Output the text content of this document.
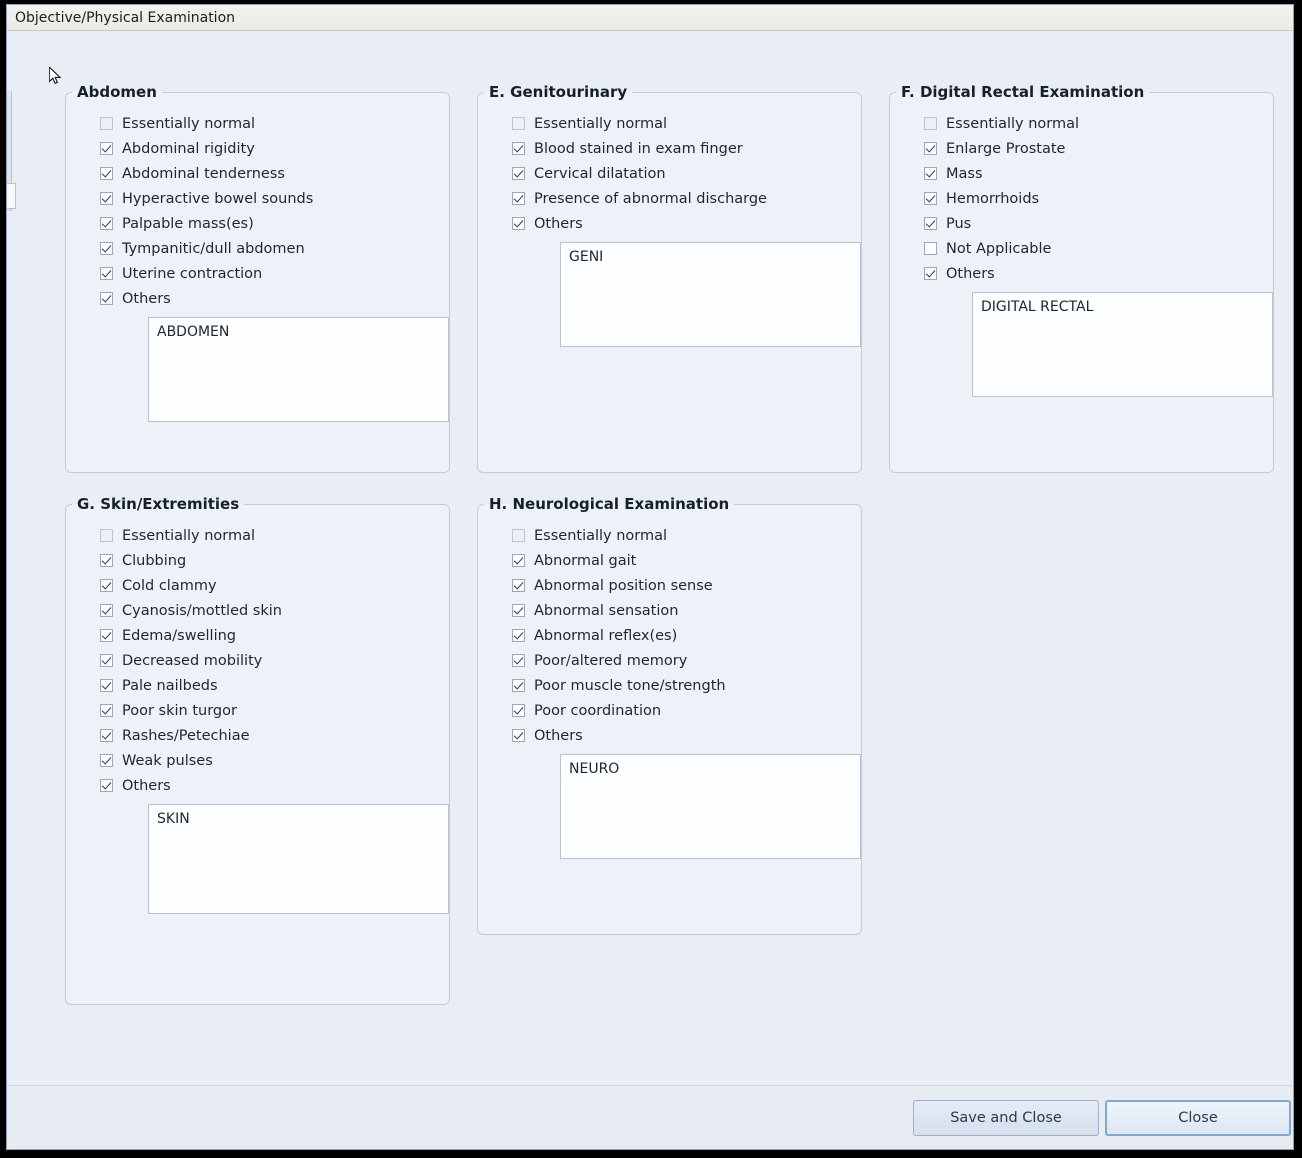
Objective/Physical Examination
Abdomen
Essentially normal
Abdominal rigidity
Abdominal tenderness
Hyperactive bowel sounds
Palpable mass(es)
Tympanitic/dull abdomen
Uterine contraction
Others
ABDOMEN
E. Genitourinary
Essentially normal
Blood stained in exam finger
Cervical dilatation
Presence of abnormal discharge
Others
GENI
F. Digital Rectal Examination
Essentially normal
Enlarge Prostate
Mass
Hemorrhoids
Pus
Not Applicable
Others
DIGITAL RECTAL
G. Skin/Extremities
Essentially normal
Clubbing
Cold clammy
Cyanosis/mottled skin
Edema/swelling
Decreased mobility
Pale nailbeds
Poor skin turgor
Rashes/Petechiae
Weak pulses
Others
SKIN
H. Neurological Examination
Essentially normal
Abnormal gait
Abnormal position sense
Abnormal sensation
Abnormal reflex(es)
Poor/altered memory
Poor muscle tone/strength
Poor coordination
Others
NEURO
Save and Close	Close
